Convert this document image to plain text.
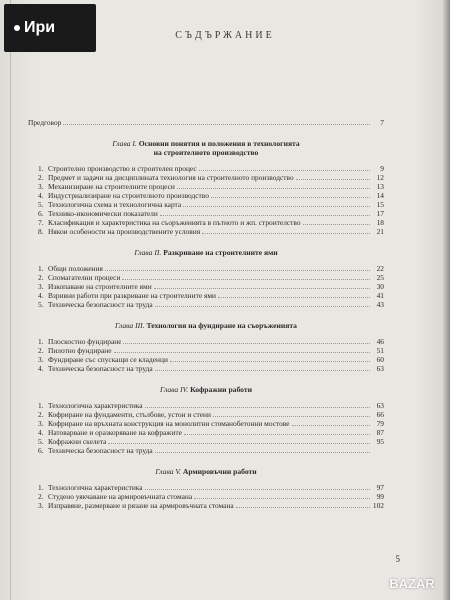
СЪДЪРЖАНИЕ
Предговор	7
Глава I. Основни понятия и положения в технологията
на строителното производство
1. Строително производство и строителен процес	9
2. Предмет и задачи на дисциплината технология на строителното производство	12
3. Механизиране на строителните процеси	13
4. Индустриализиране на строителното производство	14
5. Технологична схема и технологична карта	15
6. Технико-икономически показатели	17
7. Класификация и характеристика на съоръженията в пътното и жп. строителство	18
8. Някои особености на производствените условия	21
Глава II. Разкриване на строителните ями
1. Общи положения	22
2. Спомагателни процеси	25
3. Изкопаване на строителните ями	30
4. Взривни работи при разкриване на строителните ями	41
5. Техническа безопасност на труда	43
Глава III. Технология на фундиране на съоръженията
1. Плоскостно фундиране	46
2. Пилотно фундиране	51
3. Фундиране със спускащи се кладенци	60
4. Техническа безопасност на труда	63
Глава IV. Кофражни работи
1. Технологична характеристика	63
2. Кофриране на фундаменти, стълбове, устои и стени	66
3. Кофриране на връхната конструкция на монолитни стоманобетонни мостове	79
4. Натоварване и оразкоряване на кофражите	87
5. Кофражни скелета	95
6. Техническа безопасност на труда
Глава V. Армировъчни работи
1. Технологична характеристика	97
2. Студено уякчаване на армировъчната стомана	99
3. Изправяне, размерване и рязане на армировъчната стомана	102
5
Ири
BAZAR
